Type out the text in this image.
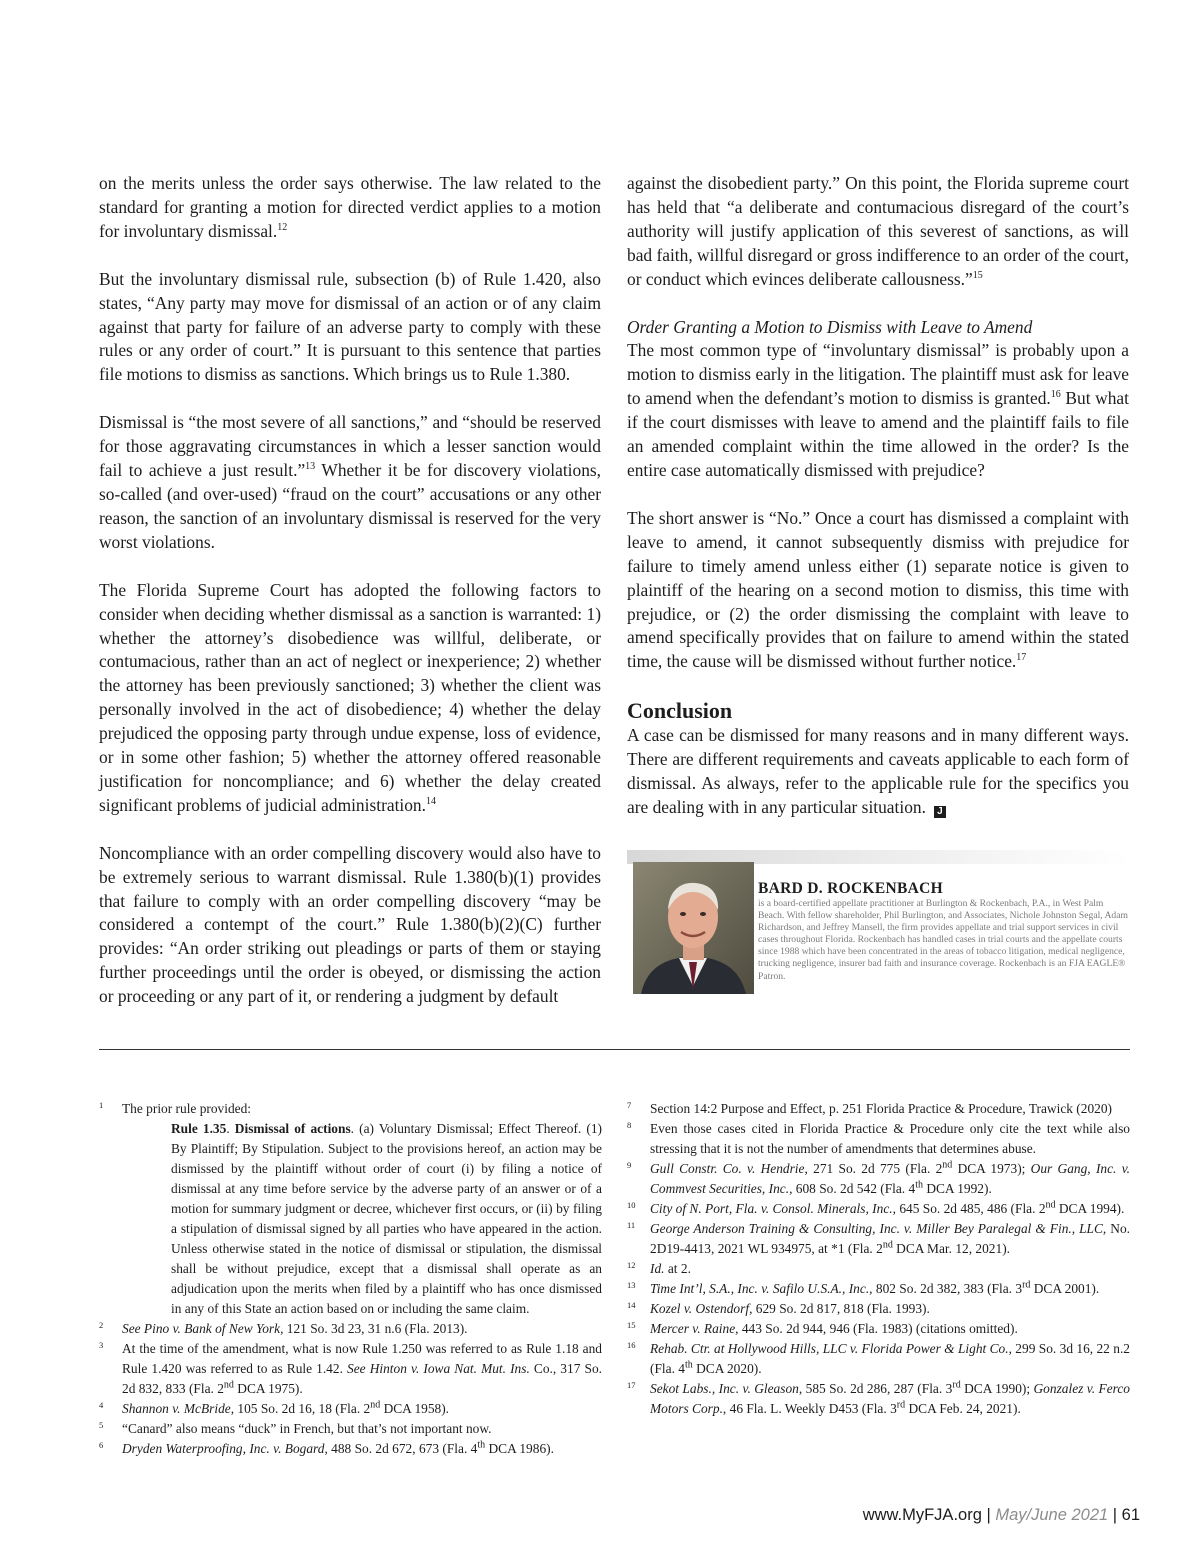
on the merits unless the order says otherwise. The law related to the standard for granting a motion for directed verdict applies to a motion for involuntary dismissal.$^{12}$

But the involuntary dismissal rule, subsection (b) of Rule 1.420, also states, “Any party may move for dismissal of an action or of any claim against that party for failure of an adverse party to comply with these rules or any order of court.” It is pursuant to this sentence that parties file motions to dismiss as sanctions. Which brings us to Rule 1.380.

Dismissal is “the most severe of all sanctions,” and “should be reserved for those aggravating circumstances in which a lesser sanction would fail to achieve a just result.”$^{13}$ Whether it be for discovery violations, so-called (and over-used) “fraud on the court” accusations or any other reason, the sanction of an involuntary dismissal is reserved for the very worst violations.

The Florida Supreme Court has adopted the following factors to consider when deciding whether dismissal as a sanction is warranted: 1) whether the attorney’s disobedience was willful, deliberate, or contumacious, rather than an act of neglect or inexperience; 2) whether the attorney has been previously sanctioned; 3) whether the client was personally involved in the act of disobedience; 4) whether the delay prejudiced the opposing party through undue expense, loss of evidence, or in some other fashion; 5) whether the attorney offered reasonable justification for noncompliance; and 6) whether the delay created significant problems of judicial administration.$^{14}$

Noncompliance with an order compelling discovery would also have to be extremely serious to warrant dismissal. Rule 1.380(b)(1) provides that failure to comply with an order compelling discovery “may be considered a contempt of the court.” Rule 1.380(b)(2)(C) further provides: “An order striking out pleadings or parts of them or staying further proceedings until the order is obeyed, or dismissing the action or proceeding or any part of it, or rendering a judgment by default

against the disobedient party.” On this point, the Florida supreme court has held that “a deliberate and contumacious disregard of the court’s authority will justify application of this severest of sanctions, as will bad faith, willful disregard or gross indifference to an order of the court, or conduct which evinces deliberate callousness.”$^{15}$

Order Granting a Motion to Dismiss with Leave to Amend

The most common type of “involuntary dismissal” is probably upon a motion to dismiss early in the litigation. The plaintiff must ask for leave to amend when the defendant’s motion to dismiss is granted.$^{16}$ But what if the court dismisses with leave to amend and the plaintiff fails to file an amended complaint within the time allowed in the order? Is the entire case automatically dismissed with prejudice?

The short answer is “No.” Once a court has dismissed a complaint with leave to amend, it cannot subsequently dismiss with prejudice for failure to timely amend unless either (1) separate notice is given to plaintiff of the hearing on a second motion to dismiss, this time with prejudice, or (2) the order dismissing the complaint with leave to amend specifically provides that on failure to amend within the stated time, the cause will be dismissed without further notice.$^{17}$

Conclusion

A case can be dismissed for many reasons and in many different ways. There are different requirements and caveats applicable to each form of dismissal. As always, refer to the applicable rule for the specifics you are dealing with in any particular situation. J

BARD D. ROCKENBACH
is a board-certified appellate practitioner at Burlington & Rockenbach, P.A., in West Palm Beach. With fellow shareholder, Phil Burlington, and Associates, Nichole Johnston Segal, Adam Richardson, and Jeffrey Mansell, the firm provides appellate and trial support services in civil cases throughout Florida. Rockenbach has handled cases in trial courts and the appellate courts since 1988 which have been concentrated in the areas of tobacco litigation, medical negligence, trucking negligence, insurer bad faith and insurance coverage. Rockenbach is an FJA EAGLE® Patron.
1 The prior rule provided:
Rule 1.35. Dismissal of actions. (a) Voluntary Dismissal; Effect Thereof. (1) By Plaintiff; By Stipulation. Subject to the provisions hereof, an action may be dismissed by the plaintiff without order of court (i) by filing a notice of dismissal at any time before service by the adverse party of an answer or of a motion for summary judgment or decree, whichever first occurs, or (ii) by filing a stipulation of dismissal signed by all parties who have appeared in the action. Unless otherwise stated in the notice of dismissal or stipulation, the dismissal shall be without prejudice, except that a dismissal shall operate as an adjudication upon the merits when filed by a plaintiff who has once dismissed in any of this State an action based on or including the same claim.
2 See Pino v. Bank of New York, 121 So. 3d 23, 31 n.6 (Fla. 2013).
3 At the time of the amendment, what is now Rule 1.250 was referred to as Rule 1.18 and Rule 1.420 was referred to as Rule 1.42. See Hinton v. Iowa Nat. Mut. Ins. Co., 317 So. 2d 832, 833 (Fla. 2nd DCA 1975).
4 Shannon v. McBride, 105 So. 2d 16, 18 (Fla. 2nd DCA 1958).
5 “Canard” also means “duck” in French, but that’s not important now.
6 Dryden Waterproofing, Inc. v. Bogard, 488 So. 2d 672, 673 (Fla. 4th DCA 1986).
7 Section 14:2 Purpose and Effect, p. 251 Florida Practice & Procedure, Trawick (2020)
8 Even those cases cited in Florida Practice & Procedure only cite the text while also stressing that it is not the number of amendments that determines abuse.
9 Gull Constr. Co. v. Hendrie, 271 So. 2d 775 (Fla. 2nd DCA 1973); Our Gang, Inc. v. Commvest Securities, Inc., 608 So. 2d 542 (Fla. 4th DCA 1992).
10 City of N. Port, Fla. v. Consol. Minerals, Inc., 645 So. 2d 485, 486 (Fla. 2nd DCA 1994).
11 George Anderson Training & Consulting, Inc. v. Miller Bey Paralegal & Fin., LLC, No. 2D19-4413, 2021 WL 934975, at *1 (Fla. 2nd DCA Mar. 12, 2021).
12 Id. at 2.
13 Time Int’l, S.A., Inc. v. Safilo U.S.A., Inc., 802 So. 2d 382, 383 (Fla. 3rd DCA 2001).
14 Kozel v. Ostendorf, 629 So. 2d 817, 818 (Fla. 1993).
15 Mercer v. Raine, 443 So. 2d 944, 946 (Fla. 1983) (citations omitted).
16 Rehab. Ctr. at Hollywood Hills, LLC v. Florida Power & Light Co., 299 So. 3d 16, 22 n.2 (Fla. 4th DCA 2020).
17 Sekot Labs., Inc. v. Gleason, 585 So. 2d 286, 287 (Fla. 3rd DCA 1990); Gonzalez v. Ferco Motors Corp., 46 Fla. L. Weekly D453 (Fla. 3rd DCA Feb. 24, 2021).
www.MyFJA.org | May/June 2021 | 61
